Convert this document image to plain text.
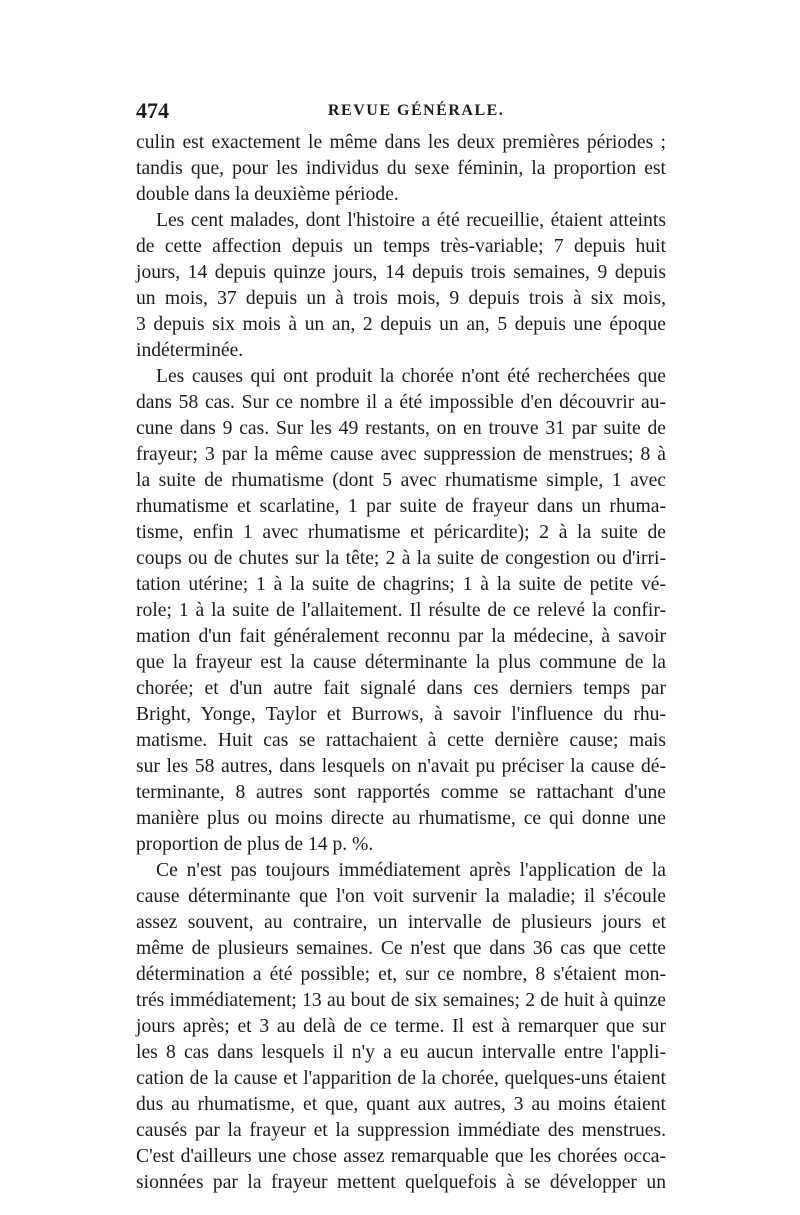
474	REVUE GÉNÉRALE.
culin est exactement le même dans les deux premières périodes ;
tandis que, pour les individus du sexe féminin, la proportion est
double dans la deuxième période.
Les cent malades, dont l'histoire a été recueillie, étaient atteints
de cette affection depuis un temps très-variable; 7 depuis huit
jours, 14 depuis quinze jours, 14 depuis trois semaines, 9 depuis
un mois, 37 depuis un à trois mois, 9 depuis trois à six mois,
3 depuis six mois à un an, 2 depuis un an, 5 depuis une époque
indéterminée.
Les causes qui ont produit la chorée n'ont été recherchées que
dans 58 cas. Sur ce nombre il a été impossible d'en découvrir au-
cune dans 9 cas. Sur les 49 restants, on en trouve 31 par suite de
frayeur; 3 par la même cause avec suppression de menstrues; 8 à
la suite de rhumatisme (dont 5 avec rhumatisme simple, 1 avec
rhumatisme et scarlatine, 1 par suite de frayeur dans un rhuma-
tisme, enfin 1 avec rhumatisme et péricardite); 2 à la suite de
coups ou de chutes sur la tête; 2 à la suite de congestion ou d'irri-
tation utérine; 1 à la suite de chagrins; 1 à la suite de petite vé-
role; 1 à la suite de l'allaitement. Il résulte de ce relevé la confir-
mation d'un fait généralement reconnu par la médecine, à savoir
que la frayeur est la cause déterminante la plus commune de la
chorée; et d'un autre fait signalé dans ces derniers temps par
Bright, Yonge, Taylor et Burrows, à savoir l'influence du rhu-
matisme. Huit cas se rattachaient à cette dernière cause; mais
sur les 58 autres, dans lesquels on n'avait pu préciser la cause dé-
terminante, 8 autres sont rapportés comme se rattachant d'une
manière plus ou moins directe au rhumatisme, ce qui donne une
proportion de plus de 14 p. %.
Ce n'est pas toujours immédiatement après l'application de la
cause déterminante que l'on voit survenir la maladie; il s'écoule
assez souvent, au contraire, un intervalle de plusieurs jours et
même de plusieurs semaines. Ce n'est que dans 36 cas que cette
détermination a été possible; et, sur ce nombre, 8 s'étaient mon-
trés immédiatement; 13 au bout de six semaines; 2 de huit à quinze
jours après; et 3 au delà de ce terme. Il est à remarquer que sur
les 8 cas dans lesquels il n'y a eu aucun intervalle entre l'appli-
cation de la cause et l'apparition de la chorée, quelques-uns étaient
dus au rhumatisme, et que, quant aux autres, 3 au moins étaient
causés par la frayeur et la suppression immédiate des menstrues.
C'est d'ailleurs une chose assez remarquable que les chorées occa-
sionnées par la frayeur mettent quelquefois à se développer un
